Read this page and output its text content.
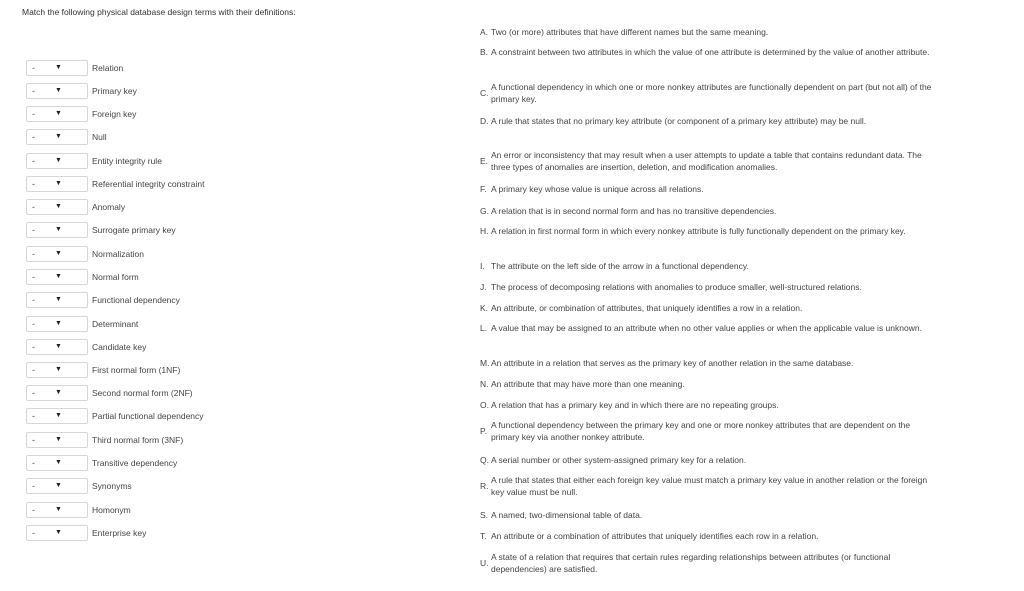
Match the following physical database design terms with their definitions:
-	▼	Relation
-	▼	Primary key
-	▼	Foreign key
-	▼	Null
-	▼	Entity integrity rule
-	▼	Referential integrity constraint
-	▼	Anomaly
-	▼	Surrogate primary key
-	▼	Normalization
-	▼	Normal form
-	▼	Functional dependency
-	▼	Determinant
-	▼	Candidate key
-	▼	First normal form (1NF)
-	▼	Second normal form (2NF)
-	▼	Partial functional dependency
-	▼	Third normal form (3NF)
-	▼	Transitive dependency
-	▼	Synonyms
-	▼	Homonym
-	▼	Enterprise key
A. Two (or more) attributes that have different names but the same meaning.
B. A constraint between two attributes in which the value of one attribute is determined by the value of another attribute.
C.
A functional dependency in which one or more nonkey attributes are functionally dependent on part (but not all) of the primary key.
D. A rule that states that no primary key attribute (or component of a primary key attribute) may be null.
E.
An error or inconsistency that may result when a user attempts to update a table that contains redundant data. The three types of anomalies are insertion, deletion, and modification anomalies.
F. A primary key whose value is unique across all relations.
G. A relation that is in second normal form and has no transitive dependencies.
H. A relation in first normal form in which every nonkey attribute is fully functionally dependent on the primary key.
I. The attribute on the left side of the arrow in a functional dependency.
J. The process of decomposing relations with anomalies to produce smaller, well-structured relations.
K. An attribute, or combination of attributes, that uniquely identifies a row in a relation.
L. A value that may be assigned to an attribute when no other value applies or when the applicable value is unknown.
M. An attribute in a relation that serves as the primary key of another relation in the same database.
N. An attribute that may have more than one meaning.
O. A relation that has a primary key and in which there are no repeating groups.
P.
A functional dependency between the primary key and one or more nonkey attributes that are dependent on the primary key via another nonkey attribute.
Q. A serial number or other system-assigned primary key for a relation.
R.
A rule that states that either each foreign key value must match a primary key value in another relation or the foreign key value must be null.
S. A named, two-dimensional table of data.
T. An attribute or a combination of attributes that uniquely identifies each row in a relation.
U.
A state of a relation that requires that certain rules regarding relationships between attributes (or functional dependencies) are satisfied.
